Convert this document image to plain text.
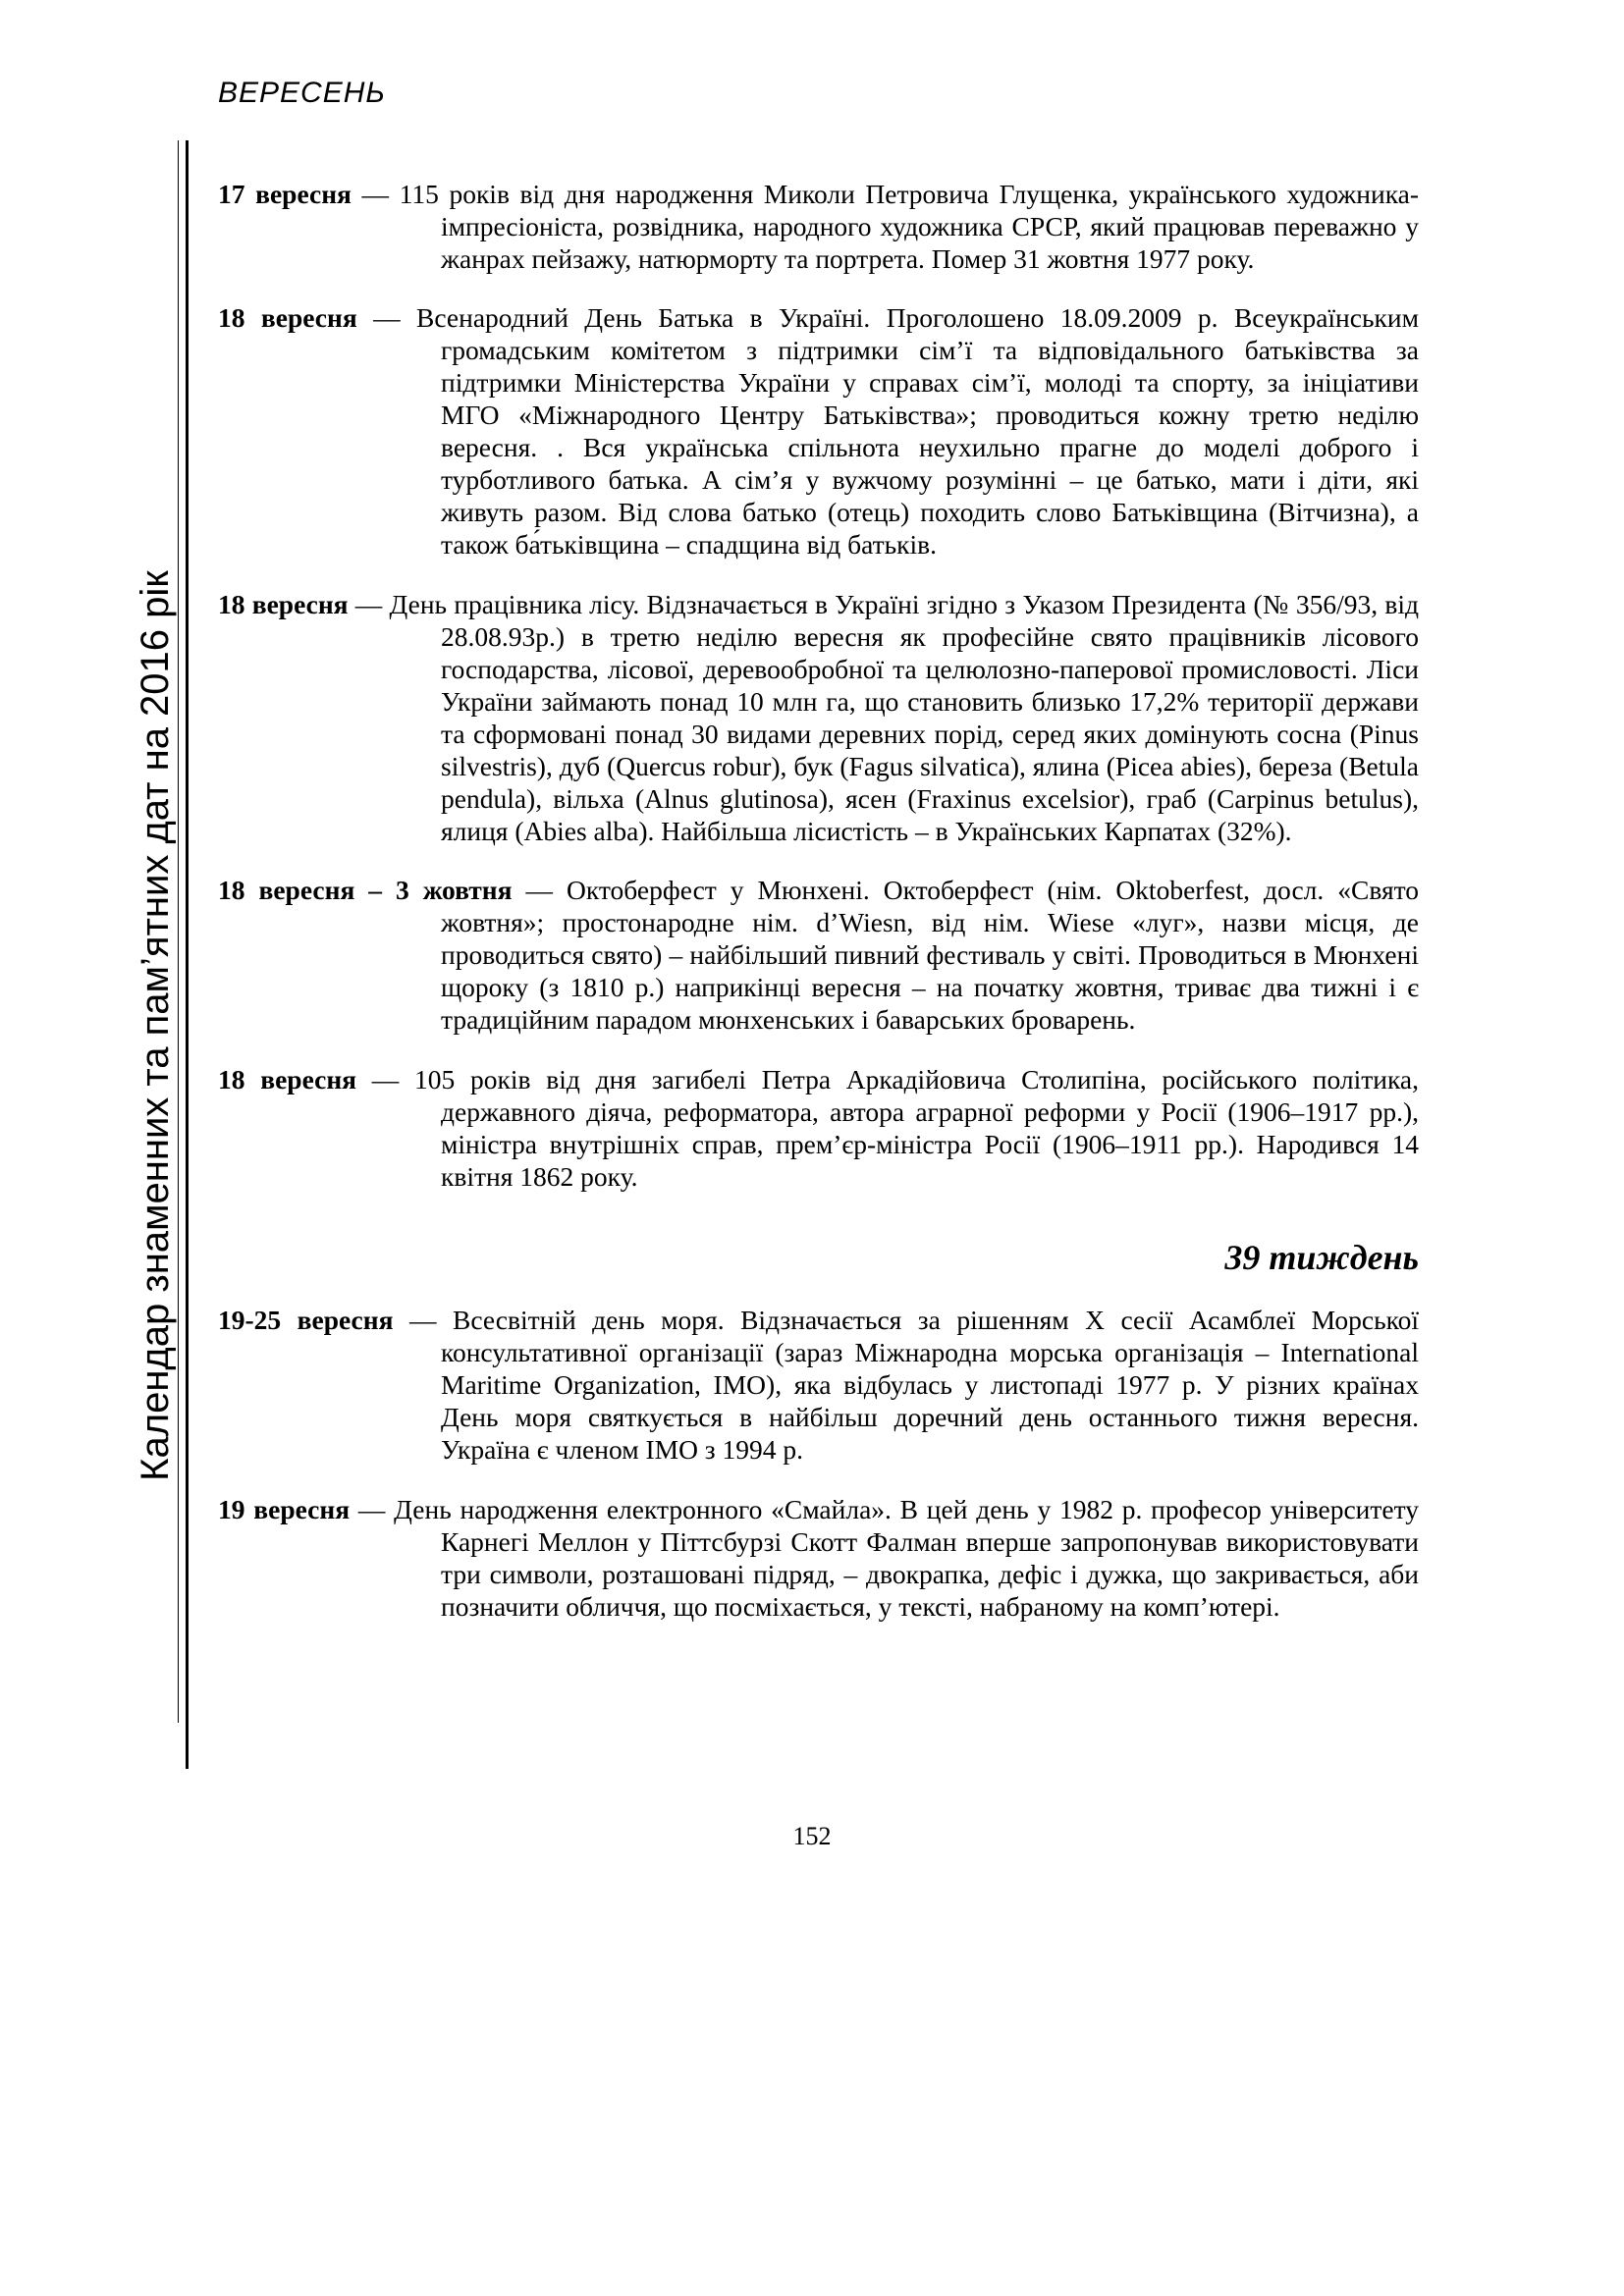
ВЕРЕСЕНЬ
Календар знаменних та пам’ятних дат на 2016 рік

17 вересня — 115 років від дня народження Миколи Петровича Глущенка, українського художника-імпресіоніста, розвідника, народного художника СРСР, який працював переважно у жанрах пейзажу, натюрморту та портрета. Помер 31 жовтня 1977 року.

18 вересня — Всенародний День Батька в Україні. Проголошено 18.09.2009 р. Всеукраїнським громадським комітетом з підтримки сім’ї та відповідального батьківства за підтримки Міністерства України у справах сім’ї, молоді та спорту, за ініціативи МГО «Міжнародного Центру Батьківства»; проводиться кожну третю неділю вересня. . Вся українська спільнота неухильно прагне до моделі доброго і турботливого батька. А сім’я у вужчому розумінні – це батько, мати і діти, які живуть разом. Від слова батько (отець) походить слово Батьківщина (Вітчизна), а також ба́тьківщина – спадщина від батьків.

18 вересня — День працівника лісу. Відзначається в Україні згідно з Указом Президента (№ 356/93, від 28.08.93р.) в третю неділю вересня як професійне свято працівників лісового господарства, лісової, деревообробної та целюлозно-паперової промисловості. Ліси України займають понад 10 млн га, що становить близько 17,2% території держави та сформовані понад 30 видами деревних порід, серед яких домінують сосна (Pinus silvestris), дуб (Quercus robur), бук (Fagus silvatica), ялина (Picea abies), береза (Betula pendula), вільха (Alnus glutinosa), ясен (Fraxinus excelsior), граб (Carpinus betulus), ялиця (Abies alba). Найбільша лісистість – в Українських Карпатах (32%).

18 вересня – 3 жовтня — Октоберфест у Мюнхені. Октоберфест (нім. Oktoberfest, досл. «Свято жовтня»; простонародне нім. d’Wiesn, від нім. Wiese «луг», назви місця, де проводиться свято) – найбільший пивний фестиваль у світі. Проводиться в Мюнхені щороку (з 1810 р.) наприкінці вересня – на початку жовтня, триває два тижні і є традиційним парадом мюнхенських і баварських броварень.

18 вересня — 105 років від дня загибелі Петра Аркадійовича Столипіна, російського політика, державного діяча, реформатора, автора аграрної реформи у Росії (1906–1917 рр.), міністра внутрішніх справ, прем’єр-міністра Росії (1906–1911 рр.). Народився 14 квітня 1862 року.

39 тиждень

19-25 вересня — Всесвітній день моря. Відзначається за рішенням X сесії Асамблеї Морської консультативної організації (зараз Міжнародна морська організація – International Maritime Organization, IMO), яка відбулась у листопаді 1977 р. У різних країнах День моря святкується в найбільш доречний день останнього тижня вересня. Україна є членом IMO з 1994 р.

19 вересня — День народження електронного «Смайла». В цей день у 1982 р. професор університету Карнегі Меллон у Піттсбурзі Скотт Фалман вперше запропонував використовувати три символи, розташовані підряд, – двокрапка, дефіс і дужка, що закривається, аби позначити обличчя, що посміхається, у тексті, набраному на комп’ютері.

152
